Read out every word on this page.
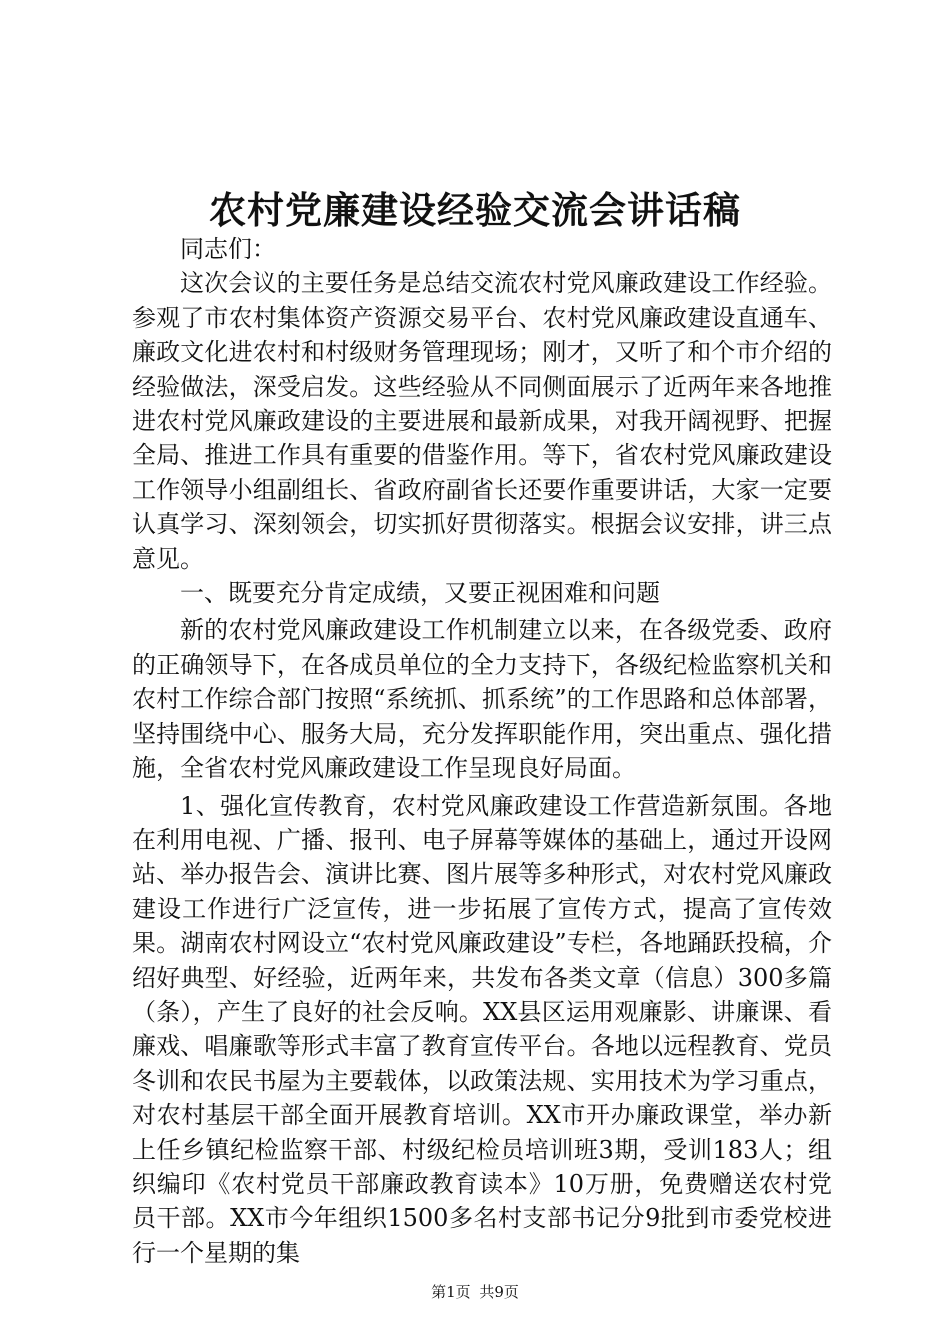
农村党廉建设经验交流会讲话稿

同志们：

这次会议的主要任务是总结交流农村党风廉政建设工作经验。参观了市农村集体资产资源交易平台、农村党风廉政建设直通车、廉政文化进农村和村级财务管理现场；刚才，又听了和个市介绍的经验做法，深受启发。这些经验从不同侧面展示了近两年来各地推进农村党风廉政建设的主要进展和最新成果，对我开阔视野、把握全局、推进工作具有重要的借鉴作用。等下，省农村党风廉政建设工作领导小组副组长、省政府副省长还要作重要讲话，大家一定要认真学习、深刻领会，切实抓好贯彻落实。根据会议安排，讲三点意见。

一、既要充分肯定成绩，又要正视困难和问题

新的农村党风廉政建设工作机制建立以来，在各级党委、政府的正确领导下，在各成员单位的全力支持下，各级纪检监察机关和农村工作综合部门按照“系统抓、抓系统”的工作思路和总体部署，坚持围绕中心、服务大局，充分发挥职能作用，突出重点、强化措施，全省农村党风廉政建设工作呈现良好局面。

1、强化宣传教育，农村党风廉政建设工作营造新氛围。各地在利用电视、广播、报刊、电子屏幕等媒体的基础上，通过开设网站、举办报告会、演讲比赛、图片展等多种形式，对农村党风廉政建设工作进行广泛宣传，进一步拓展了宣传方式，提高了宣传效果。湖南农村网设立“农村党风廉政建设”专栏，各地踊跃投稿，介绍好典型、好经验，近两年来，共发布各类文章（信息）300多篇（条），产生了良好的社会反响。XX县区运用观廉影、讲廉课、看廉戏、唱廉歌等形式丰富了教育宣传平台。各地以远程教育、党员冬训和农民书屋为主要载体，以政策法规、实用技术为学习重点，对农村基层干部全面开展教育培训。XX市开办廉政课堂，举办新上任乡镇纪检监察干部、村级纪检员培训班3期，受训183人；组织编印《农村党员干部廉政教育读本》10万册，免费赠送农村党员干部。XX市今年组织1500多名村支部书记分9批到市委党校进行一个星期的集

第1页 共9页
